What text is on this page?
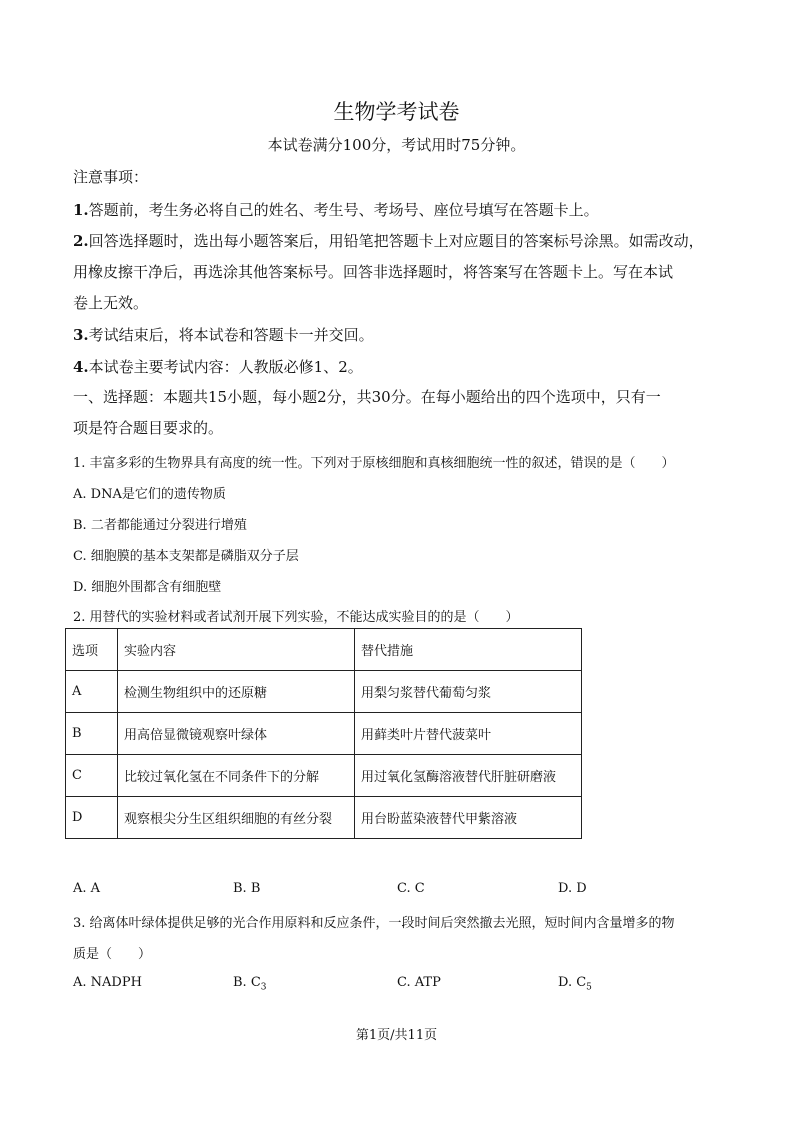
生物学考试卷
本试卷满分100分，考试用时75分钟。
注意事项：
1.答题前，考生务必将自己的姓名、考生号、考场号、座位号填写在答题卡上。
2.回答选择题时，选出每小题答案后，用铅笔把答题卡上对应题目的答案标号涂黑。如需改动，
用橡皮擦干净后，再选涂其他答案标号。回答非选择题时，将答案写在答题卡上。写在本试
卷上无效。
3.考试结束后，将本试卷和答题卡一并交回。
4.本试卷主要考试内容：人教版必修1、2。
一、选择题：本题共15小题，每小题2分，共30分。在每小题给出的四个选项中，只有一
项是符合题目要求的。
1. 丰富多彩的生物界具有高度的统一性。下列对于原核细胞和真核细胞统一性的叙述，错误的是（　　）
A. DNA是它们的遗传物质
B. 二者都能通过分裂进行增殖
C. 细胞膜的基本支架都是磷脂双分子层
D. 细胞外围都含有细胞壁
2. 用替代的实验材料或者试剂开展下列实验，不能达成实验目的的是（　　）
选项	实验内容	替代措施
A	检测生物组织中的还原糖	用梨匀浆替代葡萄匀浆
B	用高倍显微镜观察叶绿体	用藓类叶片替代菠菜叶
C	比较过氧化氢在不同条件下的分解	用过氧化氢酶溶液替代肝脏研磨液
D	观察根尖分生区组织细胞的有丝分裂	用台盼蓝染液替代甲紫溶液
A. A	B. B	C. C	D. D
3. 给离体叶绿体提供足够的光合作用原料和反应条件，一段时间后突然撤去光照，短时间内含量增多的物
质是（　　）
A. NADPH	B. $C_3$	C. ATP	D. $C_5$
第1页/共11页
